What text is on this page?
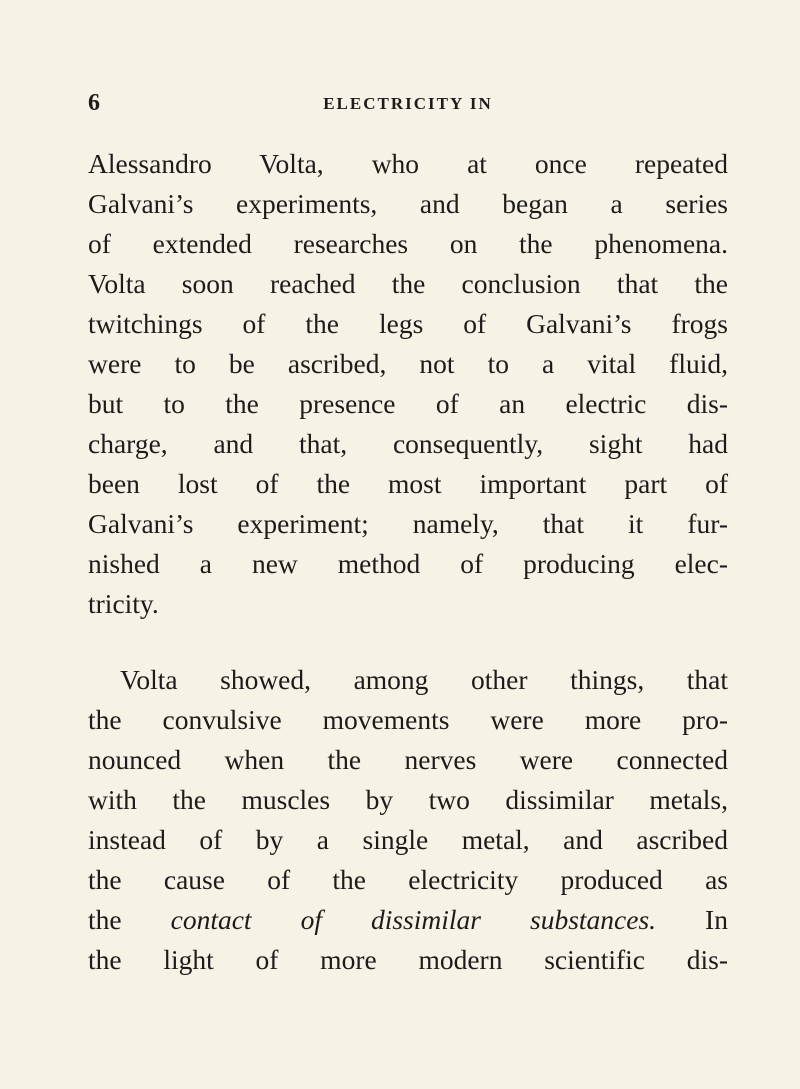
6	ELECTRICITY IN
Alessandro Volta, who at once repeated
Galvani’s experiments, and began a series
of extended researches on the phenomena.
Volta soon reached the conclusion that the
twitchings of the legs of Galvani’s frogs
were to be ascribed, not to a vital fluid,
but to the presence of an electric dis-
charge, and that, consequently, sight had
been lost of the most important part of
Galvani’s experiment; namely, that it fur-
nished a new method of producing elec-
tricity.
Volta showed, among other things, that
the convulsive movements were more pro-
nounced when the nerves were connected
with the muscles by two dissimilar metals,
instead of by a single metal, and ascribed
the cause of the electricity produced as
the contact of dissimilar substances. In
the light of more modern scientific dis-
